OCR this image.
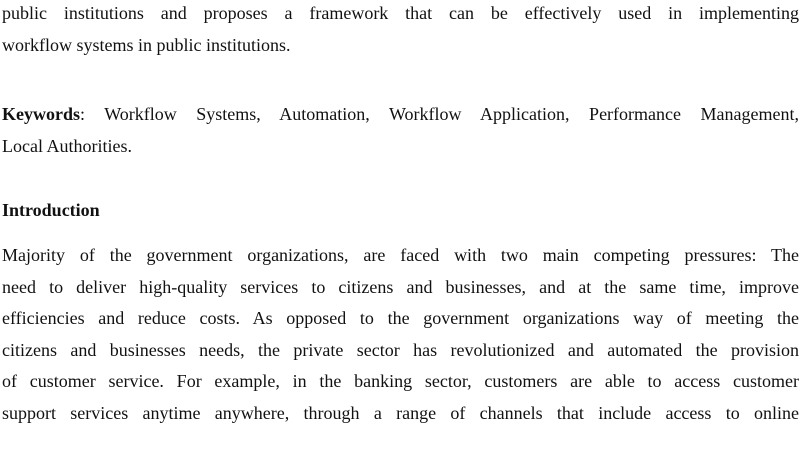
public institutions and proposes a framework that can be effectively used in implementing
workflow systems in public institutions.
Keywords: Workflow Systems, Automation, Workflow Application, Performance Management,
Local Authorities.
Introduction
Majority of the government organizations, are faced with two main competing pressures: The
need to deliver high-quality services to citizens and businesses, and at the same time, improve
efficiencies and reduce costs. As opposed to the government organizations way of meeting the
citizens and businesses needs, the private sector has revolutionized and automated the provision
of customer service. For example, in the banking sector, customers are able to access customer
support services anytime anywhere, through a range of channels that include access to online
